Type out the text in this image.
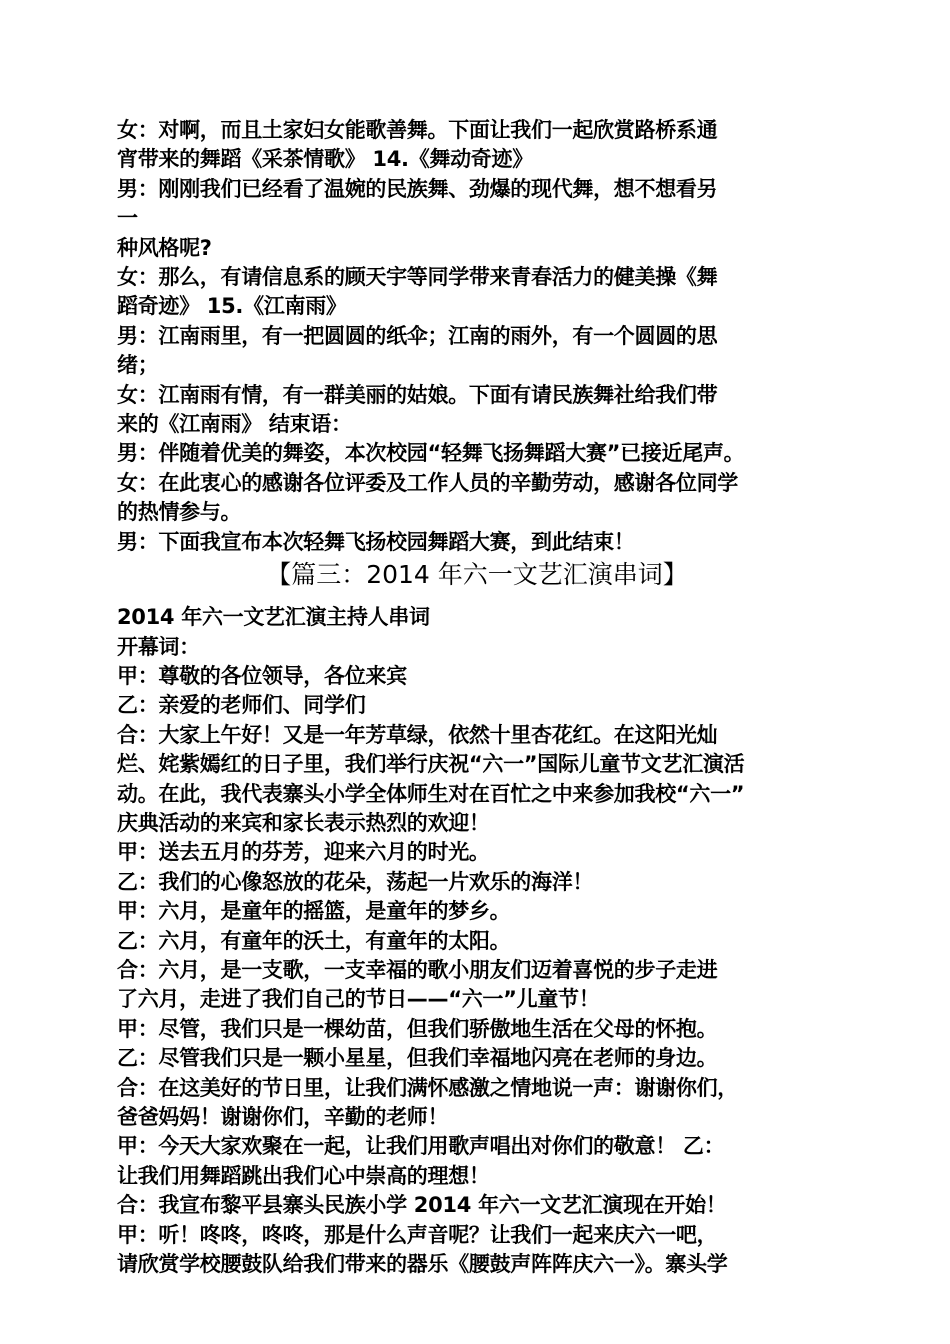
女：对啊，而且土家妇女能歌善舞。下面让我们一起欣赏路桥系通
宵带来的舞蹈《采茶情歌》 14.《舞动奇迹》
男：刚刚我们已经看了温婉的民族舞、劲爆的现代舞，想不想看另
一
种风格呢?
女：那么，有请信息系的顾天宇等同学带来青春活力的健美操《舞
蹈奇迹》 15.《江南雨》
男：江南雨里，有一把圆圆的纸伞；江南的雨外，有一个圆圆的思
绪；
女：江南雨有情，有一群美丽的姑娘。下面有请民族舞社给我们带
来的《江南雨》 结束语：
男：伴随着优美的舞姿，本次校园“轻舞飞扬舞蹈大赛”已接近尾声。
女：在此衷心的感谢各位评委及工作人员的辛勤劳动，感谢各位同学
的热情参与。
男：下面我宣布本次轻舞飞扬校园舞蹈大赛，到此结束！
【篇三：2014 年六一文艺汇演串词】
2014 年六一文艺汇演主持人串词
开幕词：
甲：尊敬的各位领导，各位来宾
乙：亲爱的老师们、同学们
合：大家上午好！又是一年芳草绿，依然十里杏花红。在这阳光灿
烂、姹紫嫣红的日子里，我们举行庆祝“六一”国际儿童节文艺汇演活
动。在此，我代表寨头小学全体师生对在百忙之中来参加我校“六一”
庆典活动的来宾和家长表示热烈的欢迎！
甲：送去五月的芬芳，迎来六月的时光。
乙：我们的心像怒放的花朵，荡起一片欢乐的海洋！
甲：六月，是童年的摇篮，是童年的梦乡。
乙：六月，有童年的沃土，有童年的太阳。
合：六月，是一支歌，一支幸福的歌小朋友们迈着喜悦的步子走进
了六月，走进了我们自己的节日——“六一”儿童节！
甲：尽管，我们只是一棵幼苗，但我们骄傲地生活在父母的怀抱。
乙：尽管我们只是一颗小星星，但我们幸福地闪亮在老师的身边。
合：在这美好的节日里，让我们满怀感激之情地说一声：谢谢你们，
爸爸妈妈！谢谢你们，辛勤的老师！
甲：今天大家欢聚在一起，让我们用歌声唱出对你们的敬意！ 乙：
让我们用舞蹈跳出我们心中崇高的理想！
合：我宣布黎平县寨头民族小学 2014 年六一文艺汇演现在开始！
甲：听！咚咚，咚咚，那是什么声音呢？让我们一起来庆六一吧，
请欣赏学校腰鼓队给我们带来的器乐《腰鼓声阵阵庆六一》。寨头学
